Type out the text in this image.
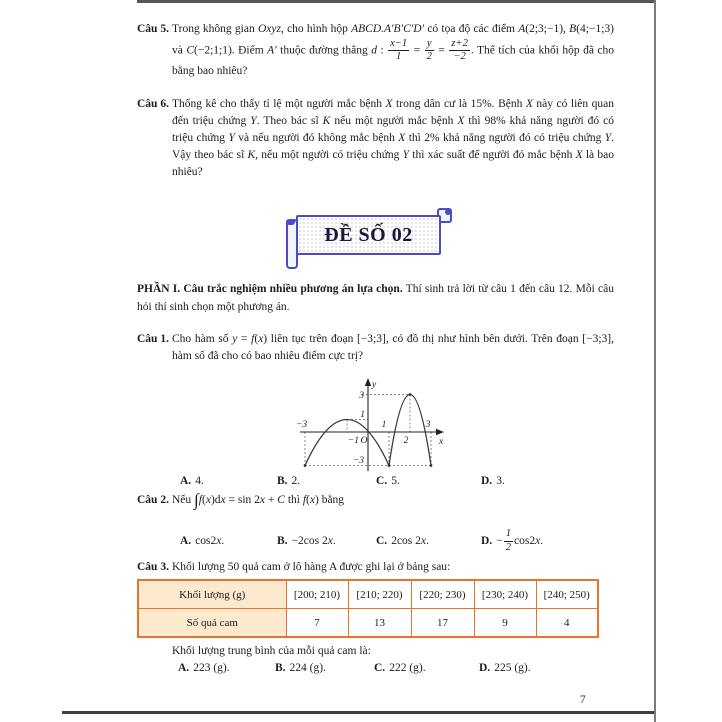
Câu 5. Trong không gian Oxyz, cho hình hộp ABCD.A′B′C′D′ có tọa độ các điểm A(2;3;−1), B(4;−1;3) và C(−2;1;1). Điểm A′ thuộc đường thẳng d : $\frac{x-1}{1} = \frac{y}{2} = \frac{z+2}{-2}$ . Thể tích của khối hộp đã cho bằng bao nhiêu?
Câu 6. Thống kê cho thấy tỉ lệ một người mắc bệnh X trong dân cư là 15%. Bệnh X này có liên quan đến triệu chứng Y. Theo bác sĩ K nếu một người mắc bệnh X thì 98% khả năng người đó có triệu chứng Y và nếu người đó không mắc bệnh X thì 2% khả năng người đó có triệu chứng Y. Vậy theo bác sĩ K, nếu một người có triệu chứng Y thì xác suất để người đó mắc bệnh X là bao nhiêu?
ĐỀ SỐ 02
PHẦN I. Câu trắc nghiệm nhiều phương án lựa chọn. Thí sinh trả lời từ câu 1 đến câu 12. Mỗi câu hỏi thí sinh chọn một phương án.
Câu 1. Cho hàm số y = f(x) liên tục trên đoạn [−3;3], có đồ thị như hình bên dưới. Trên đoạn [−3;3], hàm số đã cho có bao nhiêu điểm cực trị?
y
x
−3
−1 O
1
2
3
3
1
−3
A. 4.	B. 2.	C. 5.	D. 3.
Câu 2. Nếu ∫f(x)dx = sin 2x + C thì f(x) bằng
A. cos2x.	B. −2cos 2x.	C. 2cos 2x.	D. − $\frac{1}{2} \cos 2x$.
Câu 3. Khối lượng 50 quả cam ở lô hàng A được ghi lại ở bảng sau:
Khối lượng (g)	[200; 210)	[210; 220)	[220; 230)	[230; 240)	[240; 250)
Số quả cam	7	13	17	9	4
Khối lượng trung bình của mỗi quả cam là:
A. 223 (g).	B. 224 (g).	C. 222 (g).	D. 225 (g).
7
